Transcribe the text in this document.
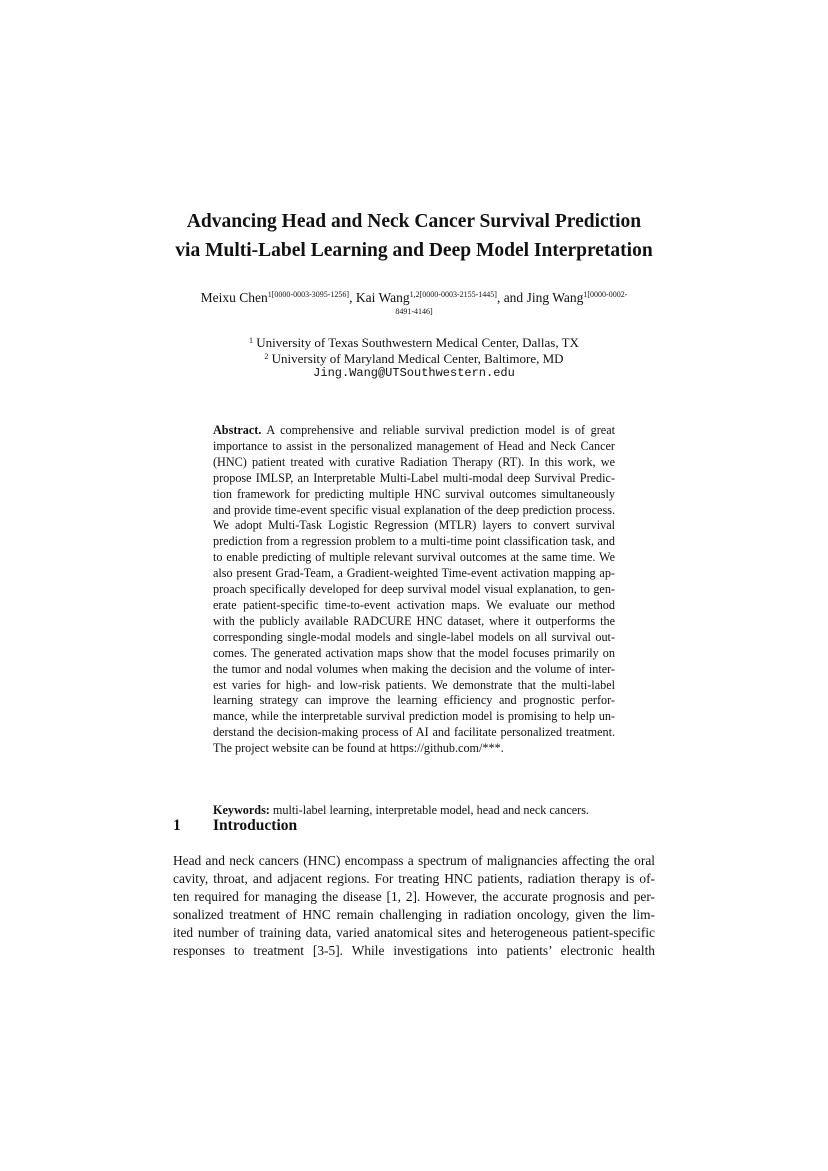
Advancing Head and Neck Cancer Survival Prediction
via Multi-Label Learning and Deep Model Interpretation
Meixu Chen$^{1[0000-0003-3095-1256]}$, Kai Wang$^{1,2[0000-0003-2155-1445]}$, and Jing Wang$^{1[0000-0002-}$
8491-4146]
$^1$ University of Texas Southwestern Medical Center, Dallas, TX
$^2$ University of Maryland Medical Center, Baltimore, MD
Jing.Wang@UTSouthwestern.edu
Abstract. A comprehensive and reliable survival prediction model is of great
importance to assist in the personalized management of Head and Neck Cancer
(HNC) patient treated with curative Radiation Therapy (RT). In this work, we
propose IMLSP, an Interpretable Multi-Label multi-modal deep Survival Predic-
tion framework for predicting multiple HNC survival outcomes simultaneously
and provide time-event specific visual explanation of the deep prediction process.
We adopt Multi-Task Logistic Regression (MTLR) layers to convert survival
prediction from a regression problem to a multi-time point classification task, and
to enable predicting of multiple relevant survival outcomes at the same time. We
also present Grad-Team, a Gradient-weighted Time-event activation mapping ap-
proach specifically developed for deep survival model visual explanation, to gen-
erate patient-specific time-to-event activation maps. We evaluate our method
with the publicly available RADCURE HNC dataset, where it outperforms the
corresponding single-modal models and single-label models on all survival out-
comes. The generated activation maps show that the model focuses primarily on
the tumor and nodal volumes when making the decision and the volume of inter-
est varies for high- and low-risk patients. We demonstrate that the multi-label
learning strategy can improve the learning efficiency and prognostic perfor-
mance, while the interpretable survival prediction model is promising to help un-
derstand the decision-making process of AI and facilitate personalized treatment.
The project website can be found at https://github.com/***.
Keywords: multi-label learning, interpretable model, head and neck cancers.
1 Introduction
Head and neck cancers (HNC) encompass a spectrum of malignancies affecting the oral
cavity, throat, and adjacent regions. For treating HNC patients, radiation therapy is of-
ten required for managing the disease [1, 2]. However, the accurate prognosis and per-
sonalized treatment of HNC remain challenging in radiation oncology, given the lim-
ited number of training data, varied anatomical sites and heterogeneous patient-specific
responses to treatment [3-5]. While investigations into patients’ electronic health
